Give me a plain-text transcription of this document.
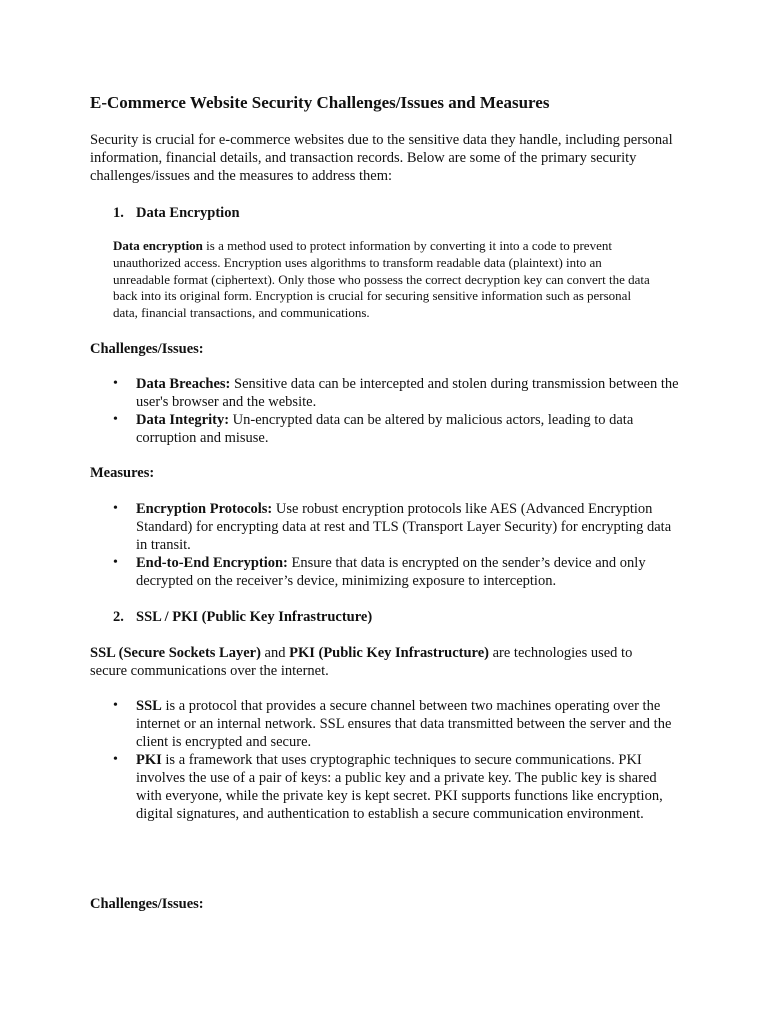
E-Commerce Website Security Challenges/Issues and Measures

Security is crucial for e-commerce websites due to the sensitive data they handle, including personal information, financial details, and transaction records. Below are some of the primary security challenges/issues and the measures to address them:

1. Data Encryption

Data encryption is a method used to protect information by converting it into a code to prevent unauthorized access. Encryption uses algorithms to transform readable data (plaintext) into an unreadable format (ciphertext). Only those who possess the correct decryption key can convert the data back into its original form. Encryption is crucial for securing sensitive information such as personal data, financial transactions, and communications.

Challenges/Issues:
• Data Breaches: Sensitive data can be intercepted and stolen during transmission between the user's browser and the website.
• Data Integrity: Un-encrypted data can be altered by malicious actors, leading to data corruption and misuse.
Measures:
• Encryption Protocols: Use robust encryption protocols like AES (Advanced Encryption Standard) for encrypting data at rest and TLS (Transport Layer Security) for encrypting data in transit.
• End-to-End Encryption: Ensure that data is encrypted on the sender’s device and only decrypted on the receiver’s device, minimizing exposure to interception.
2. SSL / PKI (Public Key Infrastructure)

SSL (Secure Sockets Layer) and PKI (Public Key Infrastructure) are technologies used to secure communications over the internet.

• SSL is a protocol that provides a secure channel between two machines operating over the internet or an internal network. SSL ensures that data transmitted between the server and the client is encrypted and secure.
• PKI is a framework that uses cryptographic techniques to secure communications. PKI involves the use of a pair of keys: a public key and a private key. The public key is shared with everyone, while the private key is kept secret. PKI supports functions like encryption, digital signatures, and authentication to establish a secure communication environment.
Challenges/Issues:
